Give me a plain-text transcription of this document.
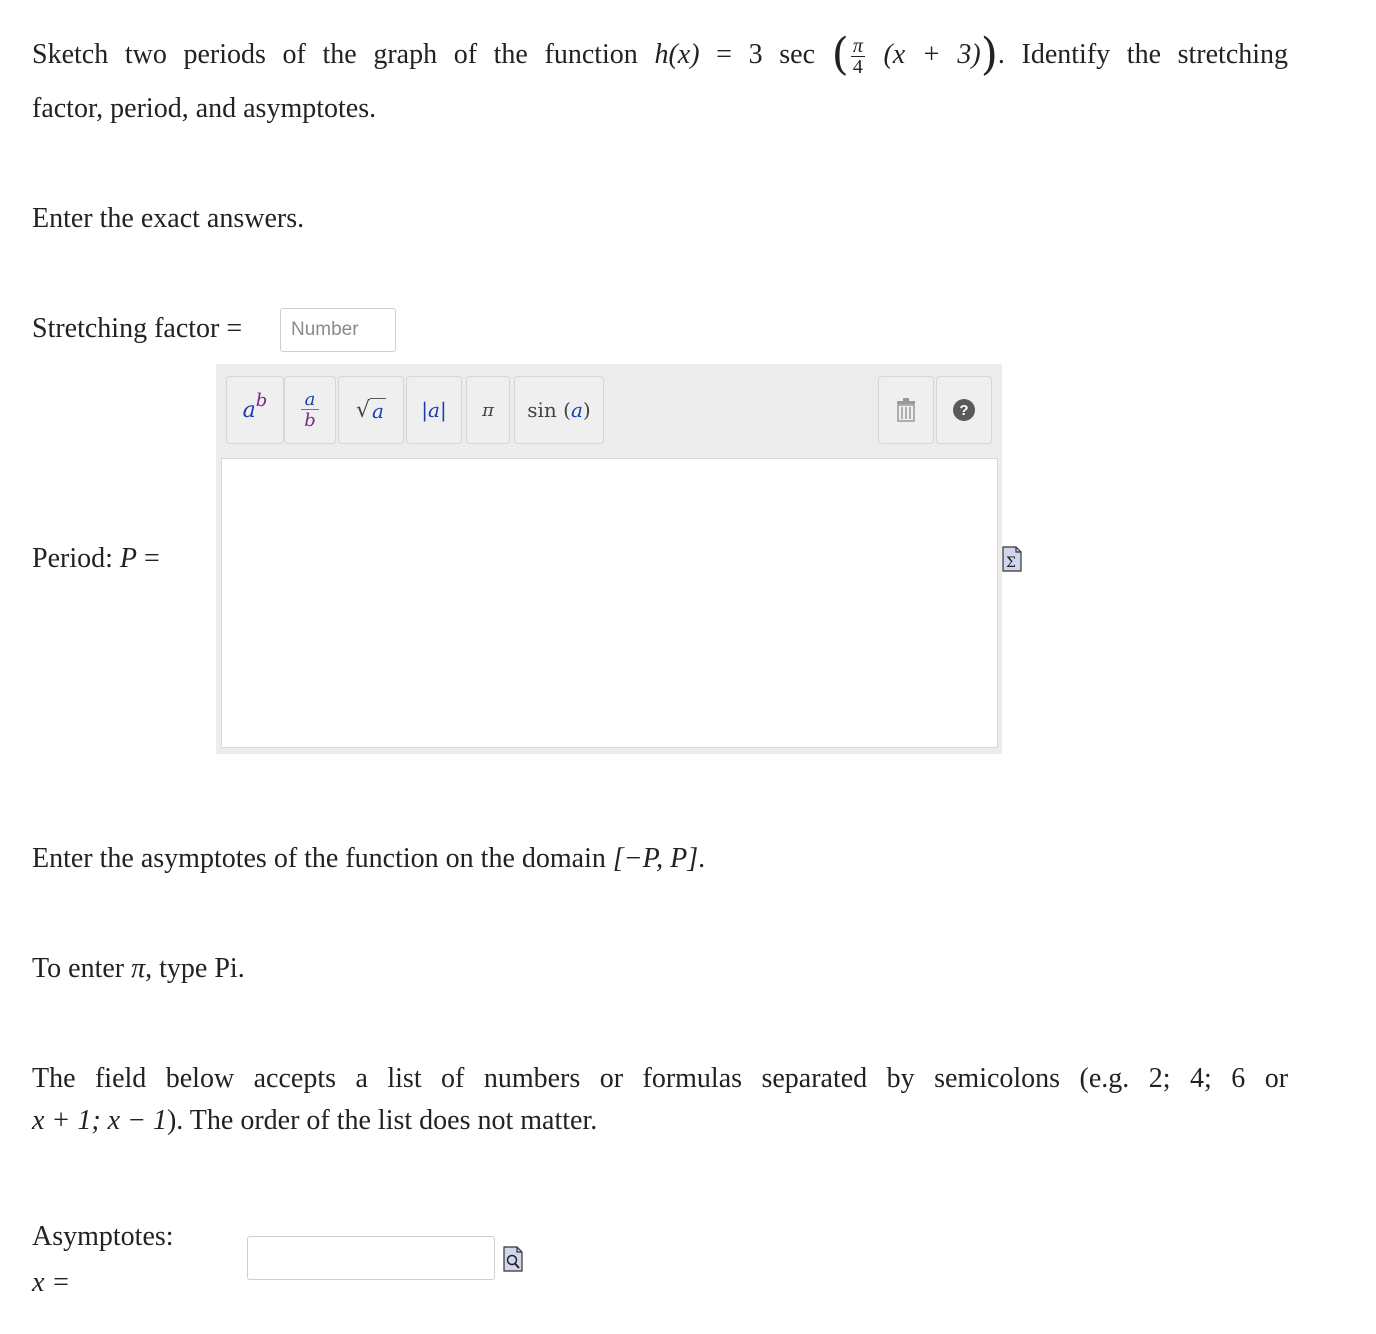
Sketch two periods of the graph of the function h(x) = 3 sec ( $\frac{\pi}{4} (x + 3)$). Identify the stretching
factor, period, and asymptotes.
Enter the exact answers.
Stretching factor =
Number
a b a
b √ a |a| π sin ( a )	?
Period: P =	Σ
Enter the asymptotes of the function on the domain [−P, P].
To enter π, type Pi.
The field below accepts a list of numbers or formulas separated by semicolons (e.g. 2; 4; 6 or
x + 1; x − 1). The order of the list does not matter.
Asymptotes:
x =
